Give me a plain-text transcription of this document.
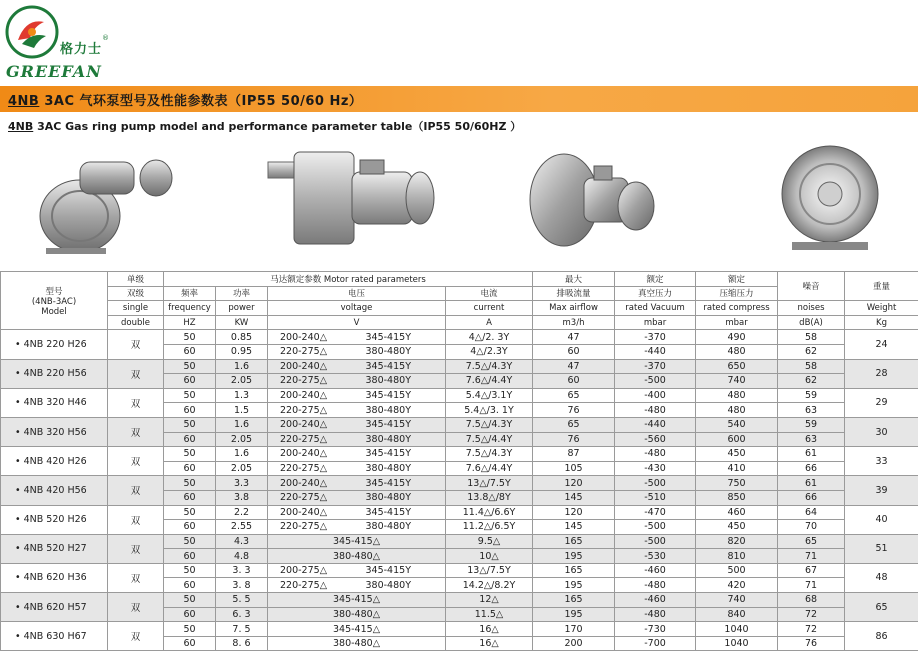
格力士
®
GREEFAN
4NB 3AC 气环泵型号及性能参数表（IP55 50/60 Hz）
4NB 3AC Gas ring pump model and performance parameter table（IP55 50/60HZ ）
型号
(4NB-3AC)
Model	单级	马达额定参数 Motor rated parameters					最大	额定	额定	噪音	重量
	双级	频率	功率	电压		电流	排吸流量	真空压力	压缩压力		
	single	frequency	power	voltage		current	Max airflow	rated Vacuum	rated compress	noises	Weight
	double	HZ	KW	V		A	m3/h	mbar	mbar	dB(A)	Kg
• 4NB 220 H26	双	50	0.85	200-240△	345-415Y	4△/2. 3Y	47	-370	490	58	24
		60	0.95	220-275△	380-480Y	4△/2.3Y	60	-440	480	62	
• 4NB 220 H56	双	50	1.6	200-240△	345-415Y	7.5△/4.3Y	47	-370	650	58	28
		60	2.05	220-275△	380-480Y	7.6△/4.4Y	60	-500	740	62	
• 4NB 320 H46	双	50	1.3	200-240△	345-415Y	5.4△/3.1Y	65	-400	480	59	29
		60	1.5	220-275△	380-480Y	5.4△/3. 1Y	76	-480	480	63	
• 4NB 320 H56	双	50	1.6	200-240△	345-415Y	7.5△/4.3Y	65	-440	540	59	30
		60	2.05	220-275△	380-480Y	7.5△/4.4Y	76	-560	600	63	
• 4NB 420 H26	双	50	1.6	200-240△	345-415Y	7.5△/4.3Y	87	-480	450	61	33
		60	2.05	220-275△	380-480Y	7.6△/4.4Y	105	-430	410	66	
• 4NB 420 H56	双	50	3.3	200-240△	345-415Y	13△/7.5Y	120	-500	750	61	39
		60	3.8	220-275△	380-480Y	13.8△/8Y	145	-510	850	66	
• 4NB 520 H26	双	50	2.2	200-240△	345-415Y	11.4△/6.6Y	120	-470	460	64	40
		60	2.55	220-275△	380-480Y	11.2△/6.5Y	145	-500	450	70	
• 4NB 520 H27	双	50	4.3	345-415△		9.5△	165	-500	820	65	51
		60	4.8	380-480△		10△	195	-530	810	71	
• 4NB 620 H36	双	50	3. 3	200-275△	345-415Y	13△/7.5Y	165	-460	500	67	48
		60	3. 8	220-275△	380-480Y	14.2△/8.2Y	195	-480	420	71	
• 4NB 620 H57	双	50	5. 5	345-415△		12△	165	-460	740	68	65
		60	6. 3	380-480△		11.5△	195	-480	840	72	
• 4NB 630 H67	双	50	7. 5	345-415△		16△	170	-730	1040	72	86
		60	8. 6	380-480△		16△	200	-700	1040	76	
